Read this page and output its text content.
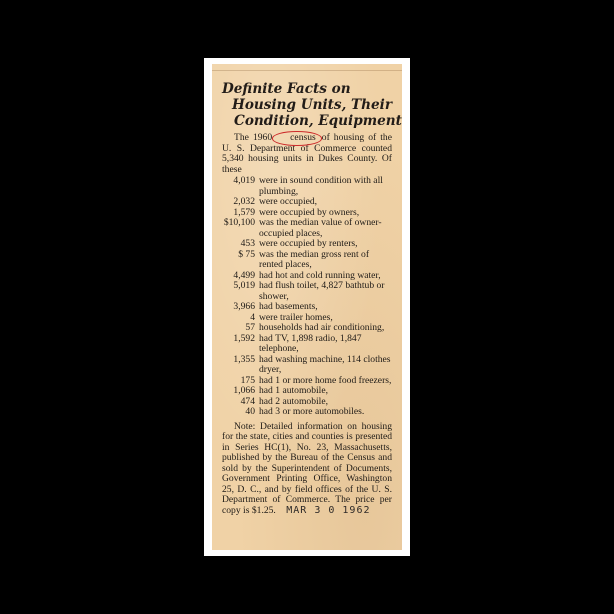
Definite Facts on
Housing Units, Their
Condition, Equipment
The 1960 census of housing of the U. S. Department of Commerce counted 5,340 housing units in Dukes County. Of these
4,019 were in sound condition with all plumbing,
2,032 were occupied,
1,579 were occupied by owners,
$10,100 was the median value of owner-occupied places,
453 were occupied by renters,
$ 75 was the median gross rent of rented places,
4,499 had hot and cold running water,
5,019 had flush toilet, 4,827 bathtub or shower,
3,966 had basements,
4 were trailer homes,
57 households had air conditioning,
1,592 had TV, 1,898 radio, 1,847 telephone,
1,355 had washing machine, 114 clothes dryer,
175 had 1 or more home food freezers,
1,066 had 1 automobile,
474 had 2 automobile,
40 had 3 or more automobiles.
Note: Detailed information on housing for the state, cities and counties is presented in Series HC(1), No. 23, Massachusetts, published by the Bureau of the Census and sold by the Superintendent of Documents, Government Printing Office, Washington 25, D. C., and by field offices of the U. S. Department of Commerce. The price per copy is $1.25. MAR 3 0 1962
